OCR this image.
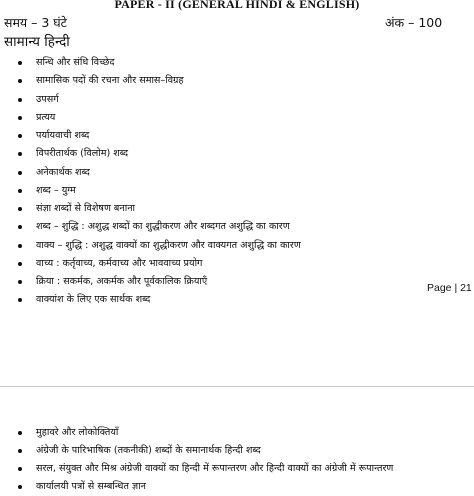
PAPER - II (GENERAL HINDI & ENGLISH)
समय – 3 घंटे	अंक – 100
सामान्य हिन्दी
सन्धि और संधि विच्छेद
सामासिक पदों की रचना और समास–विग्रह
उपसर्ग
प्रत्यय
पर्यायवाची शब्द
विपरीतार्थक (विलोम) शब्द
अनेकार्थक शब्द
शब्द – युग्म
संज्ञा शब्दों से विशेषण बनाना
शब्द – शुद्धि : अशुद्ध शब्दों का शुद्धीकरण और शब्दगत अशुद्धि का कारण
वाक्य – शुद्धि : अशुद्ध वाक्यों का शुद्धीकरण और वाक्यगत अशुद्धि का कारण
वाच्य : कर्तृवाच्य, कर्मवाच्य और भाववाच्य प्रयोग
क्रिया : सकर्मक, अकर्मक और पूर्वकालिक क्रियाएँ
वाक्यांश के लिए एक सार्थक शब्द
Page | 21
मुहावरे और लोकोक्तियाँ
अंग्रेजी के पारिभाषिक (तकनीकी) शब्दों के समानार्थक हिन्दी शब्द
सरल, संयुक्त और मिश्र अंग्रेजी वाक्यों का हिन्दी में रूपान्तरण और हिन्दी वाक्यों का अंग्रेजी में रूपान्तरण
कार्यालयी पत्रों से सम्बन्धित ज्ञान
